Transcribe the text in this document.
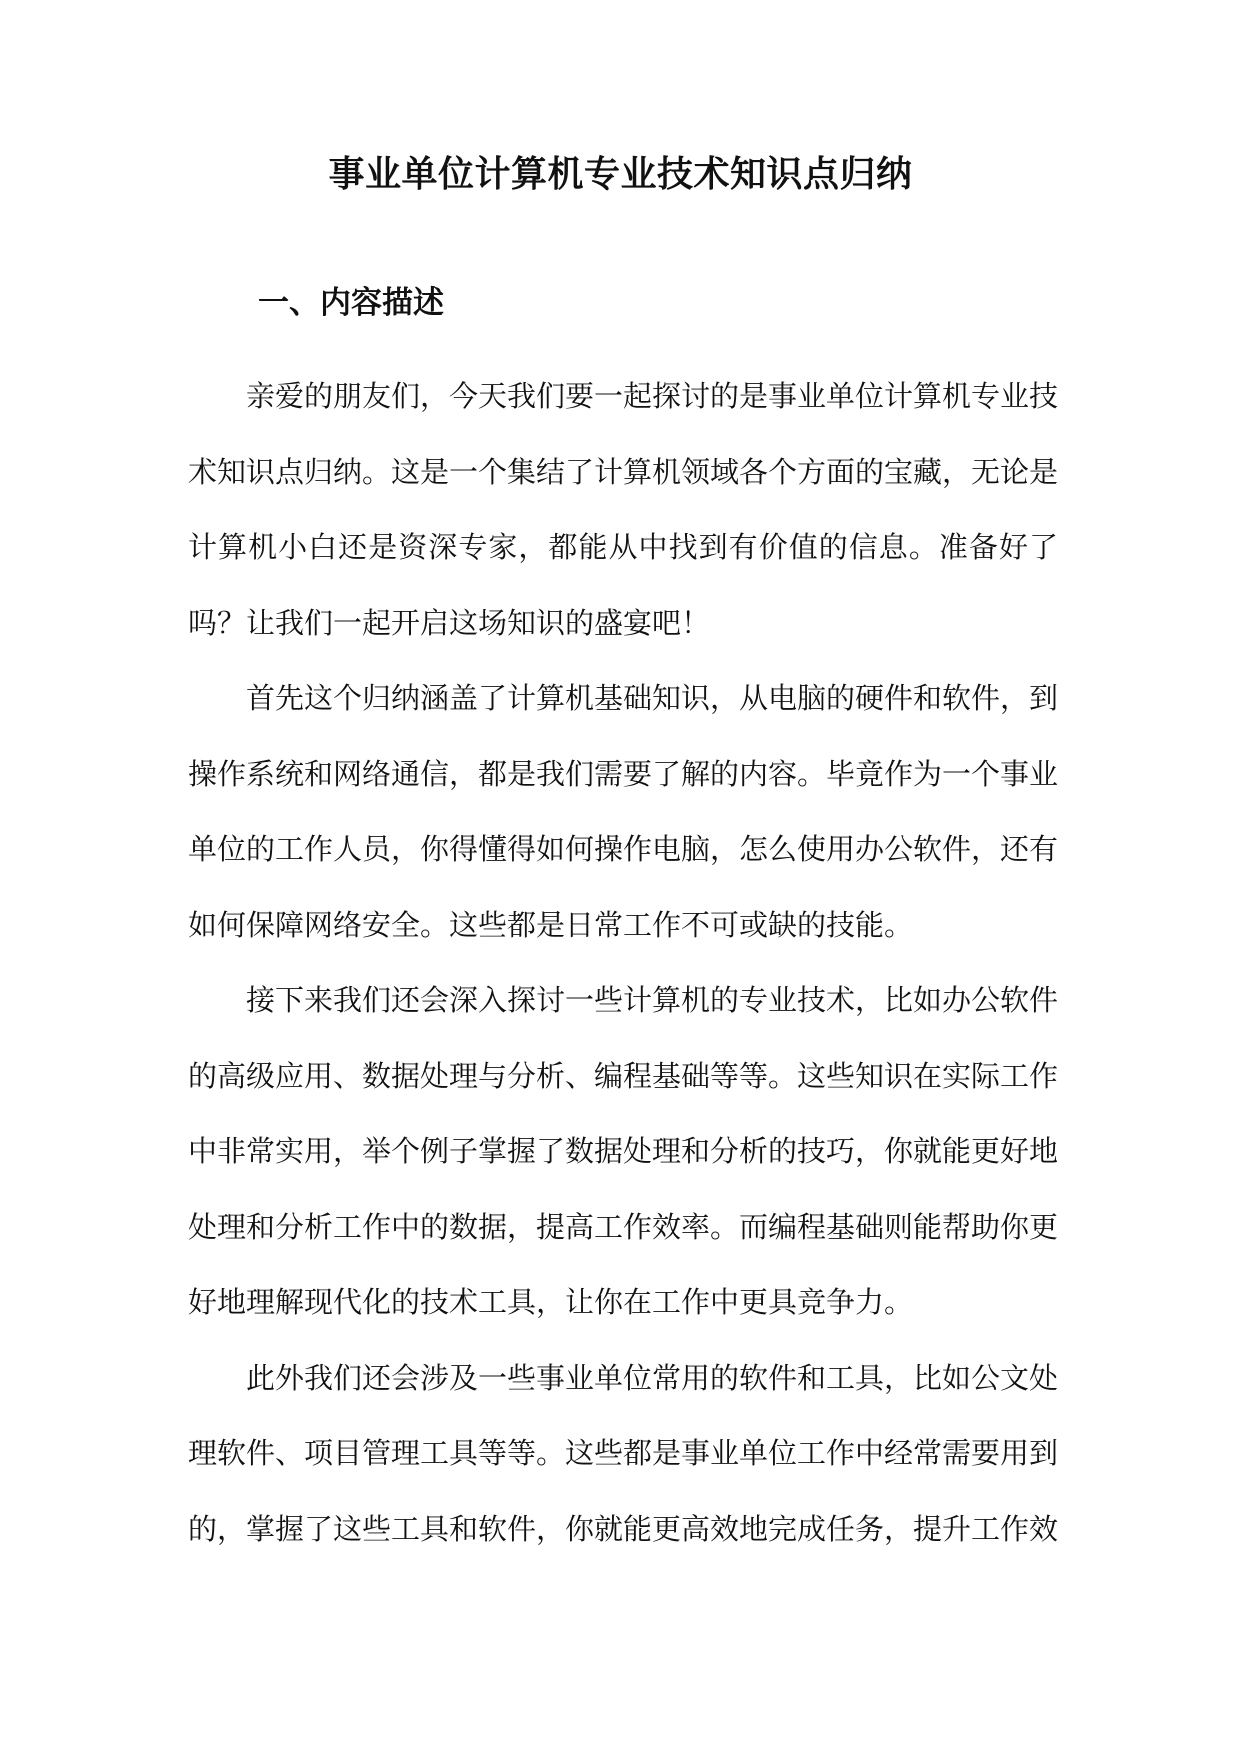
事业单位计算机专业技术知识点归纳
一、内容描述

亲爱的朋友们，今天我们要一起探讨的是事业单位计算机专业技术知识点归纳。这是一个集结了计算机领域各个方面的宝藏，无论是计算机小白还是资深专家，都能从中找到有价值的信息。准备好了吗？让我们一起开启这场知识的盛宴吧！

首先这个归纳涵盖了计算机基础知识，从电脑的硬件和软件，到操作系统和网络通信，都是我们需要了解的内容。毕竟作为一个事业单位的工作人员，你得懂得如何操作电脑，怎么使用办公软件，还有如何保障网络安全。这些都是日常工作不可或缺的技能。

接下来我们还会深入探讨一些计算机的专业技术，比如办公软件的高级应用、数据处理与分析、编程基础等等。这些知识在实际工作中非常实用，举个例子掌握了数据处理和分析的技巧，你就能更好地处理和分析工作中的数据，提高工作效率。而编程基础则能帮助你更好地理解现代化的技术工具，让你在工作中更具竞争力。

此外我们还会涉及一些事业单位常用的软件和工具，比如公文处理软件、项目管理工具等等。这些都是事业单位工作中经常需要用到的，掌握了这些工具和软件，你就能更高效地完成任务，提升工作效
